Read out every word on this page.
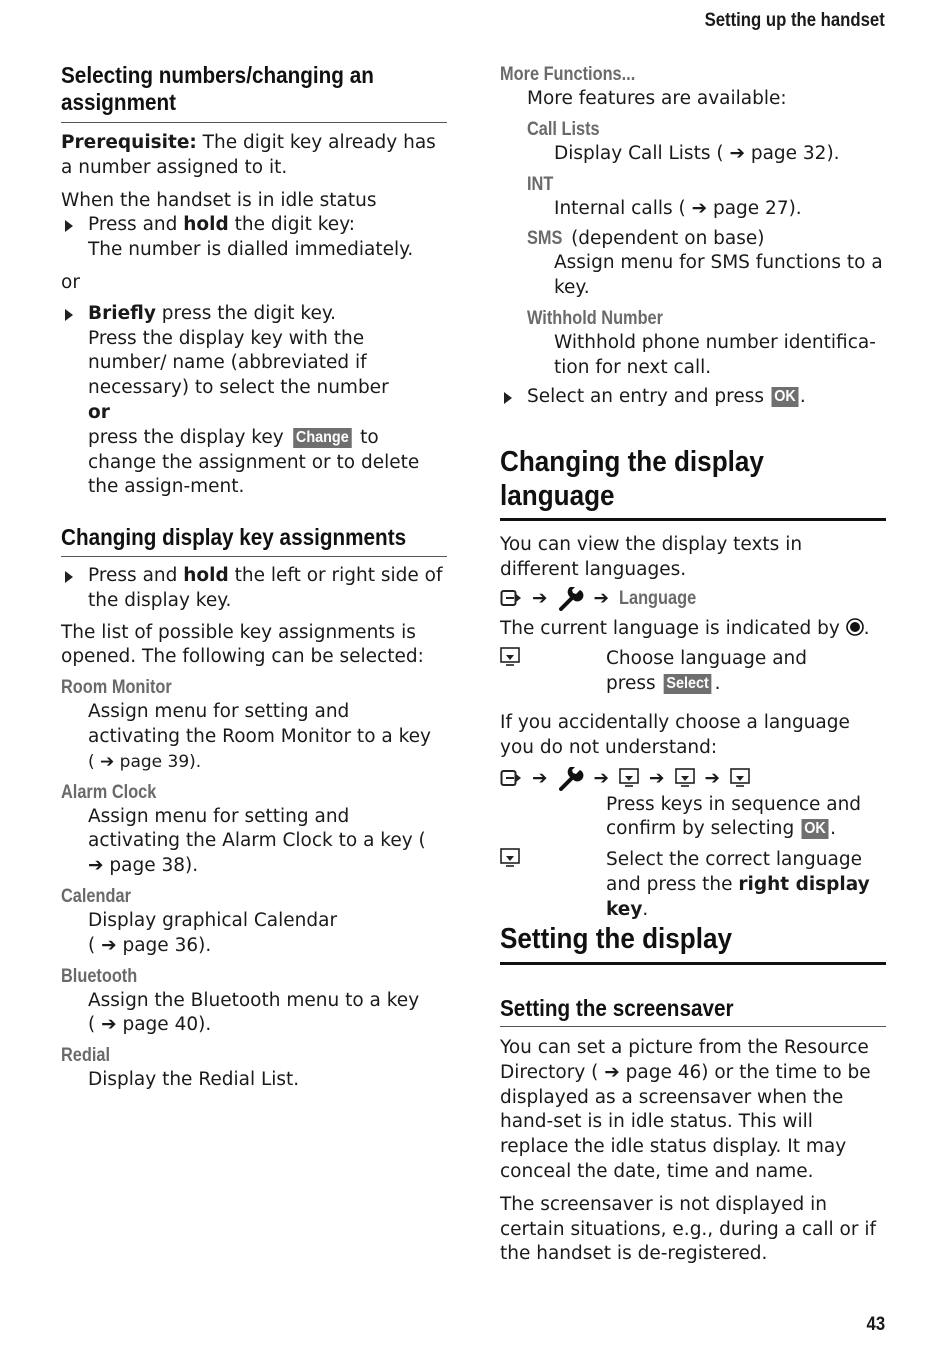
Setting up the handset
Selecting numbers/changing an assignment

Prerequisite: The digit key already has a number assigned to it.

When the handset is in idle status

Press and hold the digit key:
The number is dialled immediately.

or

Briefly press the digit key.
Press the display key with the number/ name (abbreviated if necessary) to select the number
or
press the display key Change to change the assignment or to delete the assign-ment.
Changing display key assignments
Press and hold the left or right side of the display key.

The list of possible key assignments is opened. The following can be selected:

Room Monitor
Assign menu for setting and activating the Room Monitor to a key
( ➔ page 39).
Alarm Clock
Assign menu for setting and activating the Alarm Clock to a key ( ➔ page 38).
Calendar
Display graphical Calendar
( ➔ page 36).
Bluetooth
Assign the Bluetooth menu to a key
( ➔ page 40).
Redial
Display the Redial List.
More Functions...
More features are available:
Call Lists
Display Call Lists ( ➔ page 32).
INT
Internal calls ( ➔ page 27).
SMS (dependent on base)
Assign menu for SMS functions to a key.
Withhold Number
Withhold phone number identifica-tion for next call.
Select an entry and press OK .
Changing the display language

You can view the display texts in different languages.

➔ ➔ Language

The current language is indicated by .

Choose language and
press Select .

If you accidentally choose a language you do not understand:

➔ ➔ ➔ ➔
Press keys in sequence and
confirm by selecting OK .
Select the correct language
and press the right display
key.
Setting the display
Setting the screensaver

You can set a picture from the Resource Directory ( ➔ page 46) or the time to be displayed as a screensaver when the hand-set is in idle status. This will replace the idle status display. It may conceal the date, time and name.

The screensaver is not displayed in certain situations, e.g., during a call or if the handset is de-registered.

43
